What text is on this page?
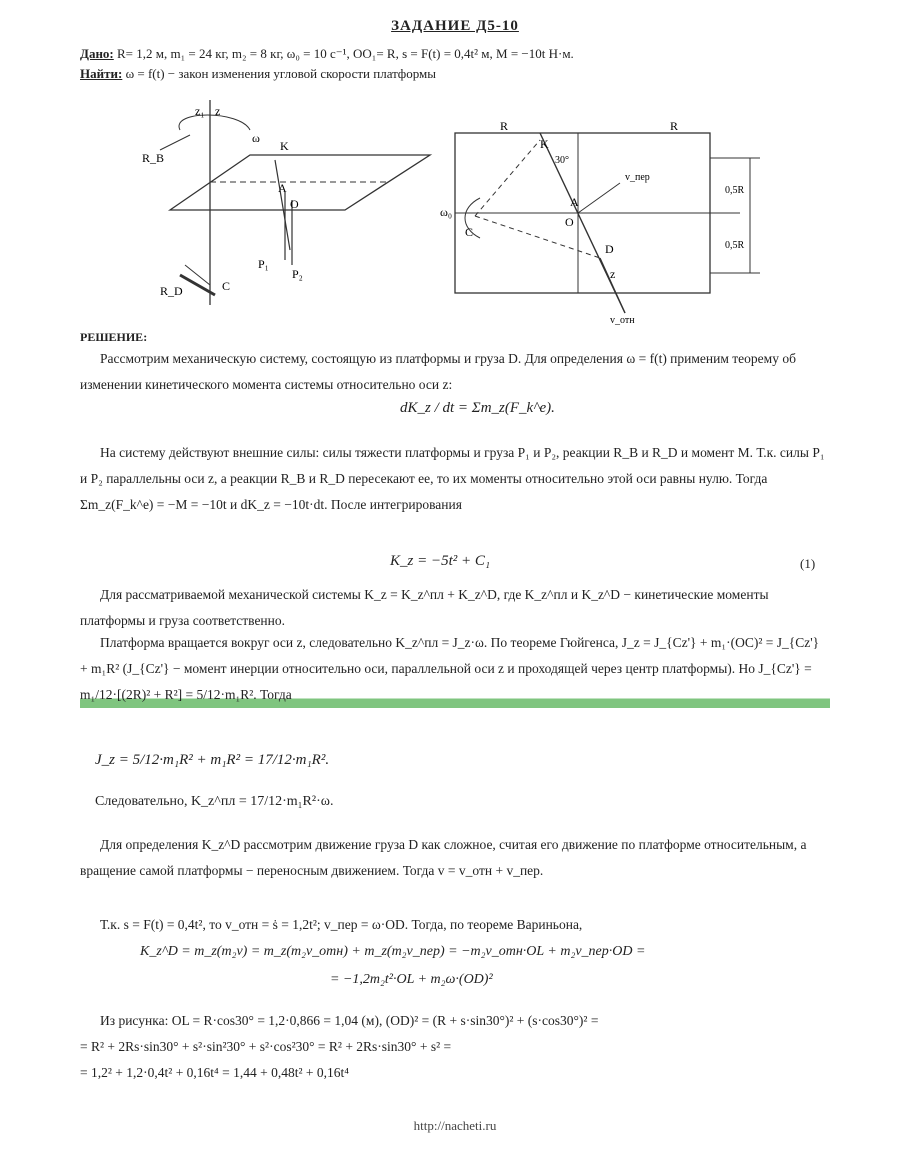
ЗАДАНИЕ Д5-10
Дано: R= 1,2 м, m₁ = 24 кг, m₂ = 8 кг, ω₀ = 10 с⁻¹, OO₁= R, s = F(t) = 0,4t² м, M = −10t Н·м.
Найти: ω = f(t) − закон изменения угловой скорости платформы
z₁ z
ω
K
A
O
P₁
P₂
R_B
R_D	C
R	R
K
30°
A
O
D
z
ω₀
C
0,5R
0,5R
v_отн
v_пер
РЕШЕНИЕ:
Рассмотрим механическую систему, состоящую из платформы и груза D. Для определения ω = f(t) применим теорему об изменении кинетического момента системы относительно оси z:
dK_z / dt = Σm_z(F_k^e).
На систему действуют внешние силы: силы тяжести платформы и груза P₁ и P₂, реакции R_B и R_D и момент M. Т.к. силы P₁ и P₂ параллельны оси z, а реакции R_B и R_D пересекают ее, то их моменты относительно этой оси равны нулю. Тогда Σm_z(F_k^e) = −M = −10t и dK_z = −10t·dt. После интегрирования
K_z = −5t² + C₁	(1)
Для рассматриваемой механической системы K_z = K_z^пл + K_z^D, где K_z^пл и K_z^D − кинетические моменты платформы и груза соответственно.
Платформа вращается вокруг оси z, следовательно K_z^пл = J_z·ω. По теореме Гюйгенса, J_z = J_{Cz'} + m₁·(OC)² = J_{Cz'} + m₁R² (J_{Cz'} − момент инерции относительно оси, параллельной оси z и проходящей через центр платформы). Но J_{Cz'} = m₁/12·[(2R)² + R²] = 5/12·m₁R². Тогда
J_z = 5/12·m₁R² + m₁R² = 17/12·m₁R².
Следовательно, K_z^пл = 17/12·m₁R²·ω.
Для определения K_z^D рассмотрим движение груза D как сложное, считая его движение по платформе относительным, а вращение самой платформы − переносным движением. Тогда v = v_отн + v_пер.
Т.к. s = F(t) = 0,4t², то v_отн = ṡ = 1,2t²; v_пер = ω·OD. Тогда, по теореме Вариньона,
K_z^D = m_z(m₂v) = m_z(m₂v_отн) + m_z(m₂v_пер) = −m₂v_отн·OL + m₂v_пер·OD =
= −1,2m₂t²·OL + m₂ω·(OD)²
Из рисунка: OL = R·cos30° = 1,2·0,866 = 1,04 (м), (OD)² = (R + s·sin30°)² + (s·cos30°)² =
= R² + 2Rs·sin30° + s²·sin²30° + s²·cos²30° = R² + 2Rs·sin30° + s² =
= 1,2² + 1,2·0,4t² + 0,16t⁴ = 1,44 + 0,48t² + 0,16t⁴
http://nacheti.ru
